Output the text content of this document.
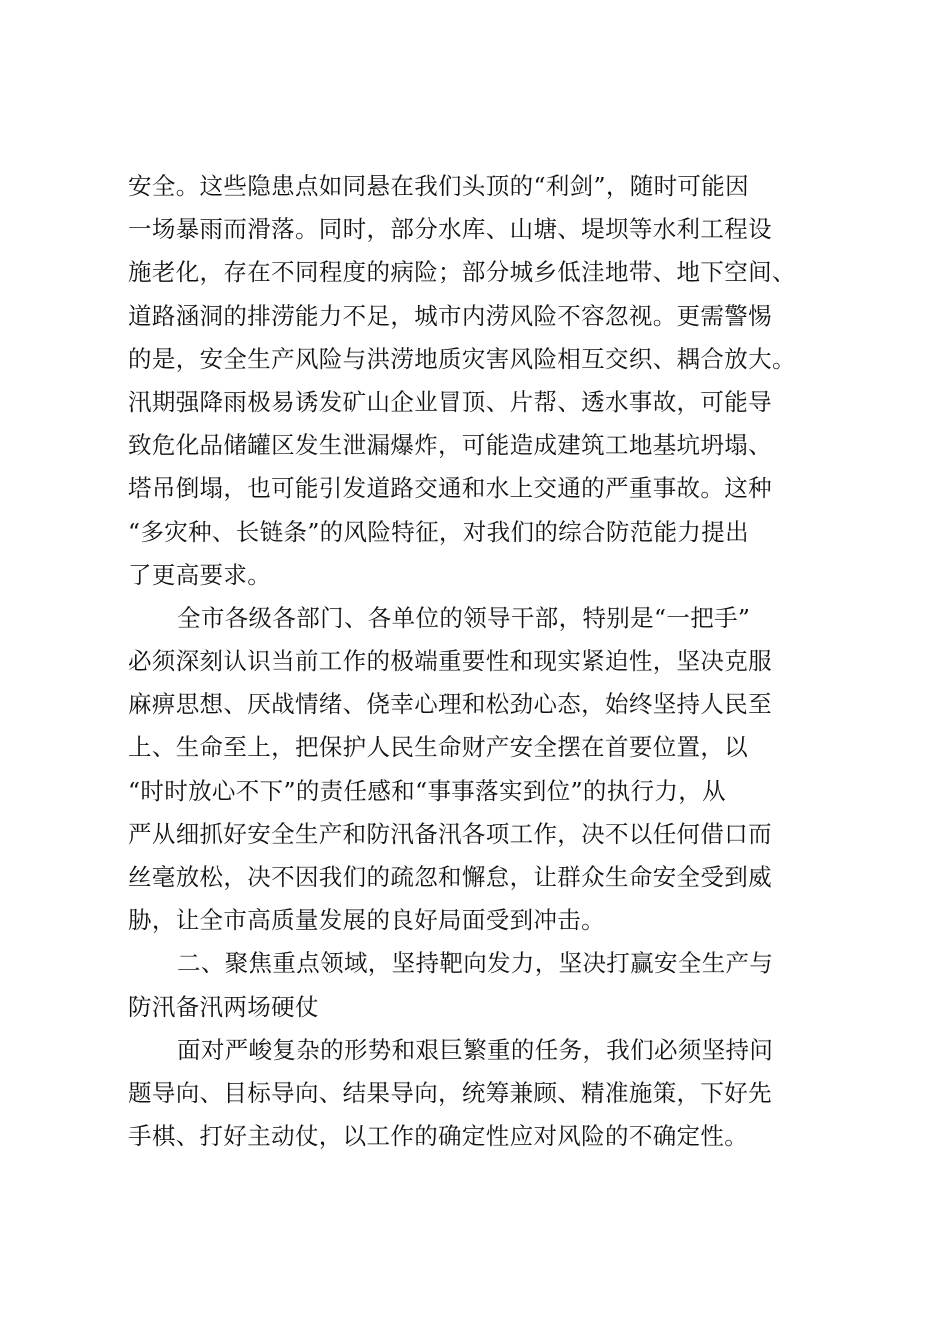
安全。这些隐患点如同悬在我们头顶的“利剑”，随时可能因
一场暴雨而滑落。同时，部分水库、山塘、堤坝等水利工程设
施老化，存在不同程度的病险；部分城乡低洼地带、地下空间、
道路涵洞的排涝能力不足，城市内涝风险不容忽视。更需警惕
的是，安全生产风险与洪涝地质灾害风险相互交织、耦合放大。
汛期强降雨极易诱发矿山企业冒顶、片帮、透水事故，可能导
致危化品储罐区发生泄漏爆炸，可能造成建筑工地基坑坍塌、
塔吊倒塌，也可能引发道路交通和水上交通的严重事故。这种
“多灾种、长链条”的风险特征，对我们的综合防范能力提出
了更高要求。
全市各级各部门、各单位的领导干部，特别是“一把手”
必须深刻认识当前工作的极端重要性和现实紧迫性，坚决克服
麻痹思想、厌战情绪、侥幸心理和松劲心态，始终坚持人民至
上、生命至上，把保护人民生命财产安全摆在首要位置，以
“时时放心不下”的责任感和“事事落实到位”的执行力，从
严从细抓好安全生产和防汛备汛各项工作，决不以任何借口而
丝毫放松，决不因我们的疏忽和懈怠，让群众生命安全受到威
胁，让全市高质量发展的良好局面受到冲击。
二、聚焦重点领域，坚持靶向发力，坚决打赢安全生产与
防汛备汛两场硬仗
面对严峻复杂的形势和艰巨繁重的任务，我们必须坚持问
题导向、目标导向、结果导向，统筹兼顾、精准施策，下好先
手棋、打好主动仗，以工作的确定性应对风险的不确定性。
